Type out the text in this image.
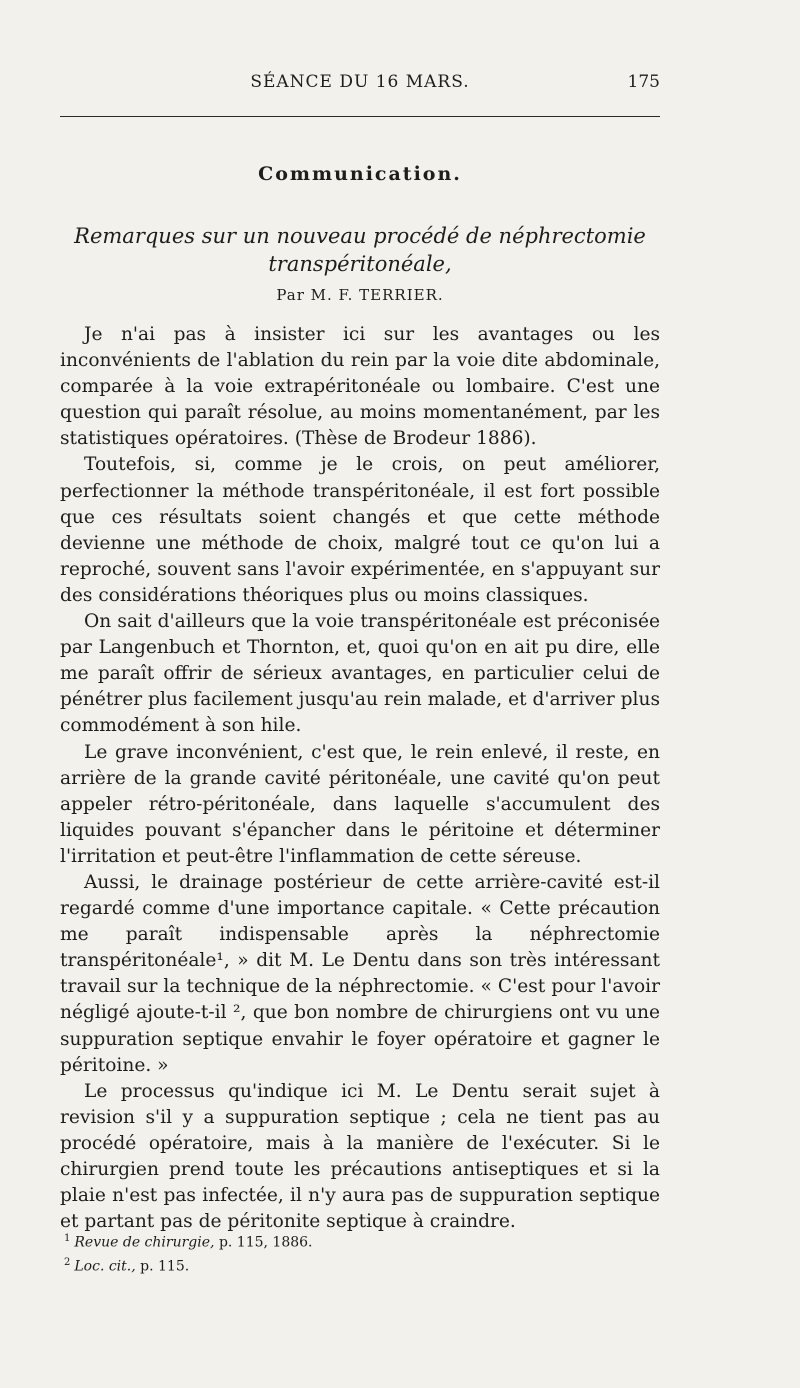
SÉANCE DU 16 MARS.	175
Communication.
Remarques sur un nouveau procédé de néphrectomie transpéritonéale,
Par M. F. TERRIER.

Je n'ai pas à insister ici sur les avantages ou les inconvénients de l'ablation du rein par la voie dite abdominale, comparée à la voie extrapéritonéale ou lombaire. C'est une question qui paraît résolue, au moins momentanément, par les statistiques opératoires. (Thèse de Brodeur 1886).

Toutefois, si, comme je le crois, on peut améliorer, perfectionner la méthode transpéritonéale, il est fort possible que ces résultats soient changés et que cette méthode devienne une méthode de choix, malgré tout ce qu'on lui a reproché, souvent sans l'avoir expérimentée, en s'appuyant sur des considérations théoriques plus ou moins classiques.

On sait d'ailleurs que la voie transpéritonéale est préconisée par Langenbuch et Thornton, et, quoi qu'on en ait pu dire, elle me paraît offrir de sérieux avantages, en particulier celui de pénétrer plus facilement jusqu'au rein malade, et d'arriver plus commodément à son hile.

Le grave inconvénient, c'est que, le rein enlevé, il reste, en arrière de la grande cavité péritonéale, une cavité qu'on peut appeler rétro-péritonéale, dans laquelle s'accumulent des liquides pouvant s'épancher dans le péritoine et déterminer l'irritation et peut-être l'inflammation de cette séreuse.

Aussi, le drainage postérieur de cette arrière-cavité est-il regardé comme d'une importance capitale. « Cette précaution me paraît indispensable après la néphrectomie transpéritonéale¹, » dit M. Le Dentu dans son très intéressant travail sur la technique de la néphrectomie. « C'est pour l'avoir négligé ajoute-t-il ², que bon nombre de chirurgiens ont vu une suppuration septique envahir le foyer opératoire et gagner le péritoine. »

Le processus qu'indique ici M. Le Dentu serait sujet à revision s'il y a suppuration septique ; cela ne tient pas au procédé opératoire, mais à la manière de l'exécuter. Si le chirurgien prend toute les précautions antiseptiques et si la plaie n'est pas infectée, il n'y aura pas de suppuration septique et partant pas de péritonite septique à craindre.

$^1$ Revue de chirurgie, p. 115, 1886.
$^2$ Loc. cit., p. 115.
